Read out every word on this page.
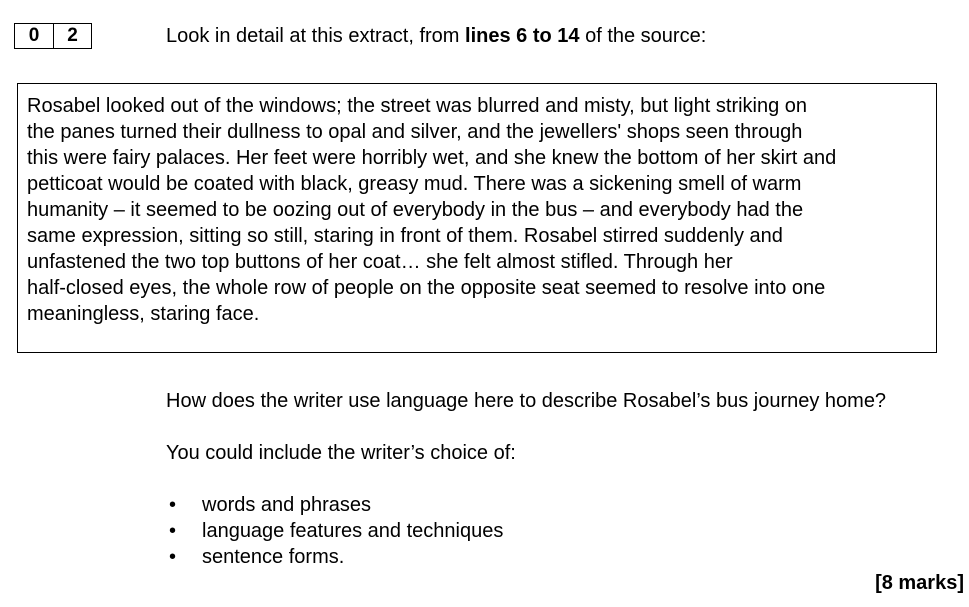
0	2	Look in detail at this extract, from lines 6 to 14 of the source:
Rosabel looked out of the windows; the street was blurred and misty, but light striking on
the panes turned their dullness to opal and silver, and the jewellers' shops seen through
this were fairy palaces. Her feet were horribly wet, and she knew the bottom of her skirt and
petticoat would be coated with black, greasy mud. There was a sickening smell of warm
humanity – it seemed to be oozing out of everybody in the bus – and everybody had the
same expression, sitting so still, staring in front of them. Rosabel stirred suddenly and
unfastened the two top buttons of her coat… she felt almost stifled. Through her
half-closed eyes, the whole row of people on the opposite seat seemed to resolve into one
meaningless, staring face.
How does the writer use language here to describe Rosabel’s bus journey home?
You could include the writer’s choice of:
• words and phrases
• language features and techniques
• sentence forms.
[8 marks]
